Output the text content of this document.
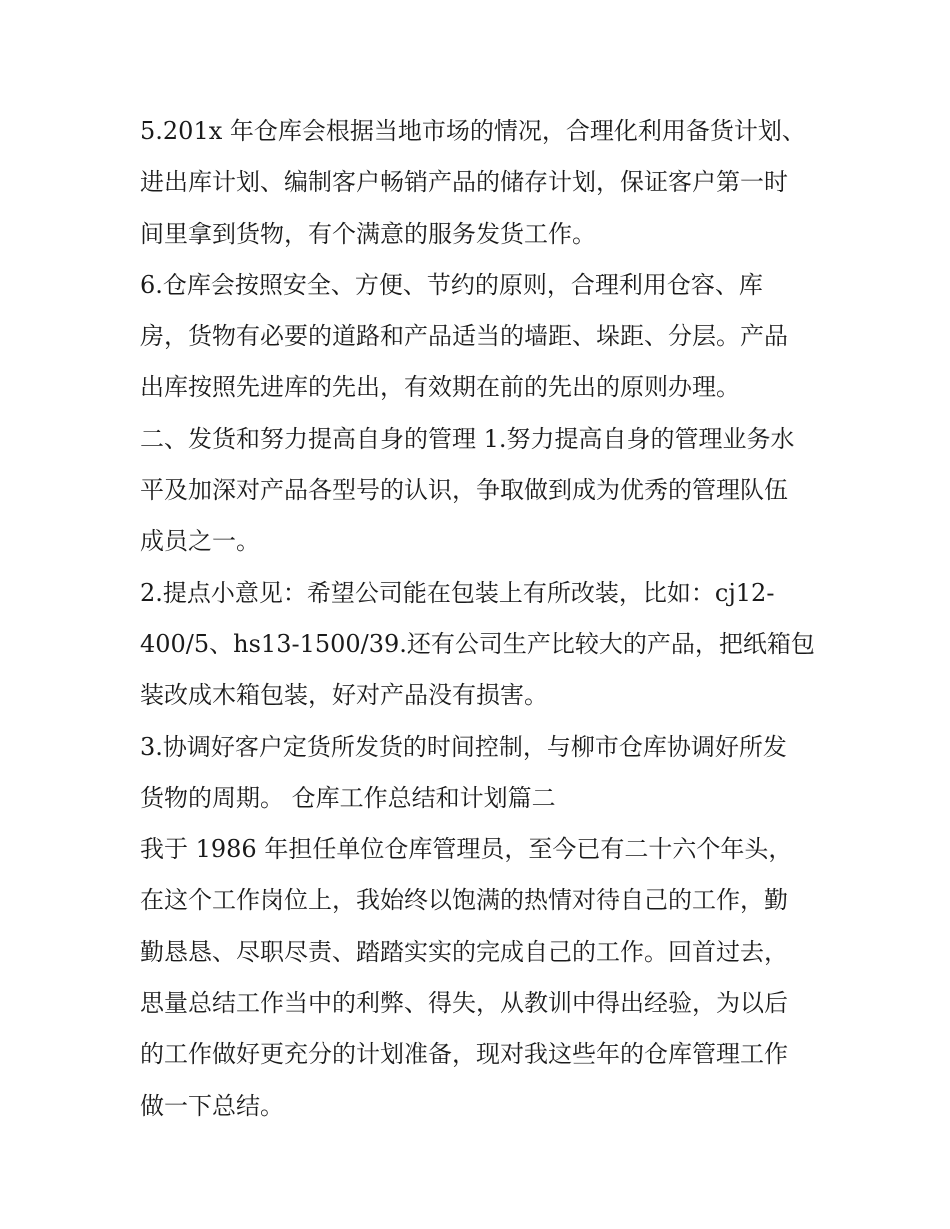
5.201x 年仓库会根据当地市场的情况，合理化利用备货计划、
进出库计划、编制客户畅销产品的储存计划，保证客户第一时
间里拿到货物，有个满意的服务发货工作。
6.仓库会按照安全、方便、节约的原则，合理利用仓容、库
房，货物有必要的道路和产品适当的墙距、垛距、分层。产品
出库按照先进库的先出，有效期在前的先出的原则办理。
二、发货和努力提高自身的管理 1.努力提高自身的管理业务水
平及加深对产品各型号的认识，争取做到成为优秀的管理队伍
成员之一。
2.提点小意见：希望公司能在包装上有所改装，比如：cj12-
400/5、hs13-1500/39.还有公司生产比较大的产品，把纸箱包
装改成木箱包装，好对产品没有损害。
3.协调好客户定货所发货的时间控制，与柳市仓库协调好所发
货物的周期。 仓库工作总结和计划篇二
我于 1986 年担任单位仓库管理员，至今已有二十六个年头，
在这个工作岗位上，我始终以饱满的热情对待自己的工作，勤
勤恳恳、尽职尽责、踏踏实实的完成自己的工作。回首过去，
思量总结工作当中的利弊、得失，从教训中得出经验，为以后
的工作做好更充分的计划准备，现对我这些年的仓库管理工作
做一下总结。
